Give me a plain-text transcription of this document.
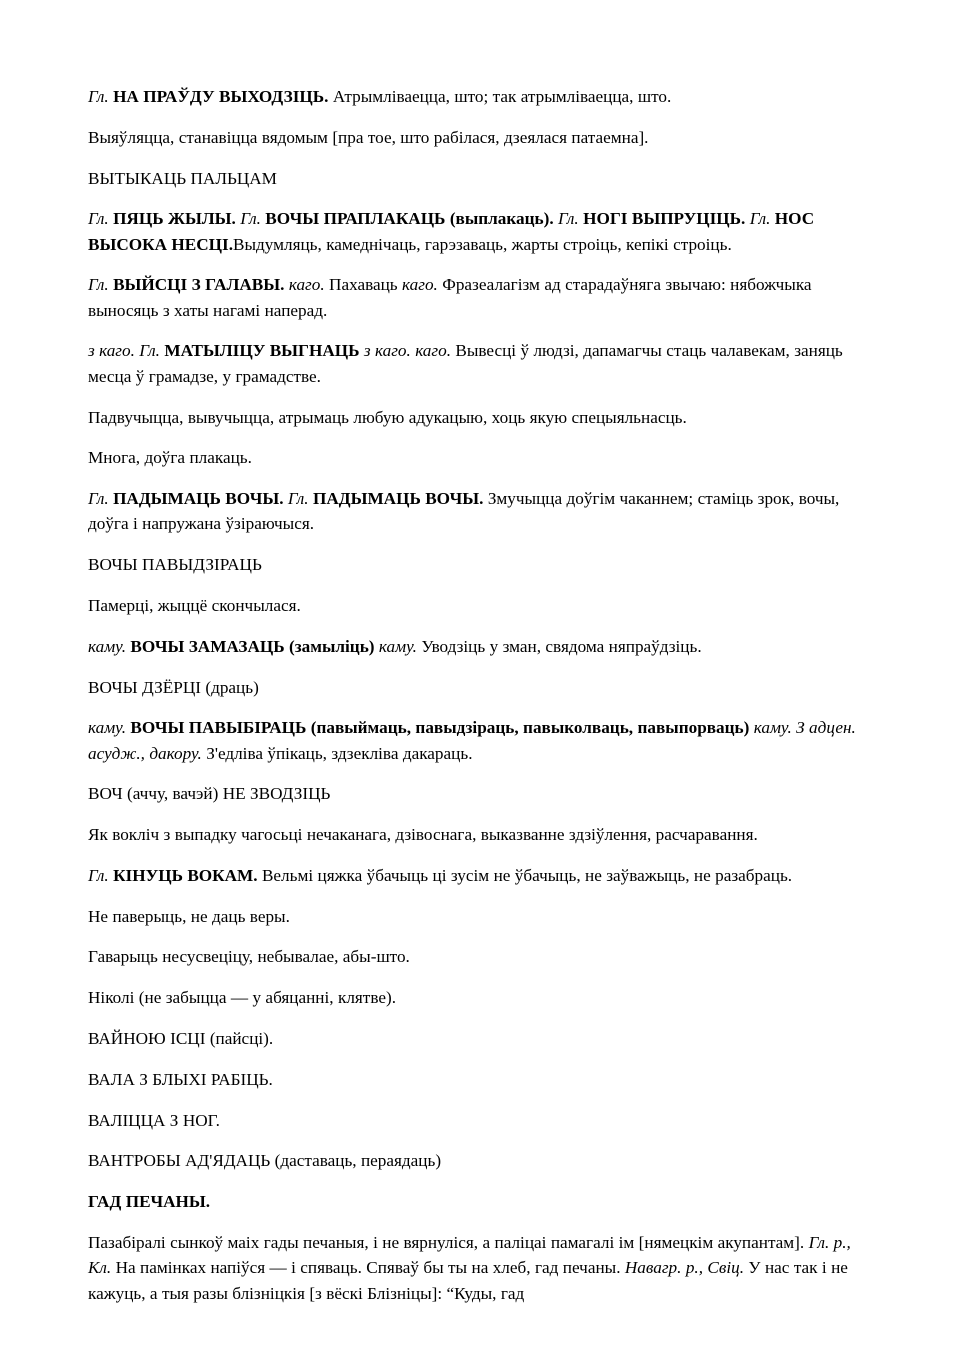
Гл. НА ПРАЎДУ ВЫХОДЗІЦЬ. Атрымліваецца, што; так атрымліваецца, што.

Выяўляцца, станавіцца вядомым [пра тое, што рабілася, дзеялася патаемна].

ВЫТЫКАЦЬ ПАЛЬЦАМ

Гл. ПЯЦЬ ЖЫЛЫ. Гл. ВОЧЫ ПРАПЛАКАЦЬ (выплакаць). Гл. НОГІ ВЫПРУЦІЦЬ. Гл. НОС ВЫСОКА НЕСЦІ.Выдумляць, камеднічаць, гарэзаваць, жарты строіць, кепікі строіць.

Гл. ВЫЙСЦІ З ГАЛАВЫ. каго. Пахаваць каго. Фразеалагізм ад старадаўняга звычаю: нябожчыка выносяць з хаты нагамі наперад.

з каго. Гл. МАТЫЛІЦУ ВЫГНАЦЬ з каго. каго. Вывесці ў людзі, дапамагчы стаць чалавекам, заняць месца ў грамадзе, у грамадстве.

Падвучыцца, вывучыцца, атрымаць любую адукацыю, хоць якую спецыяльнасць.

Многа, доўга плакаць.

Гл. ПАДЫМАЦЬ ВОЧЫ. Гл. ПАДЫМАЦЬ ВОЧЫ. Змучыцца доўгім чаканнем; стаміць зрок, вочы, доўга і напружана ўзіраючыся.

ВОЧЫ ПАВЫДЗІРАЦЬ

Памерці, жыццё скончылася.

каму. ВОЧЫ ЗАМАЗАЦЬ (замыліць) каму. Уводзіць у зман, свядома няпраўдзіць.

ВОЧЫ ДЗЁРЦІ (драць)

каму. ВОЧЫ ПАВЫБІРАЦЬ (павыймаць, павыдзіраць, павыколваць, павыпорваць) каму. З адцен. асудж., дакору. З'едліва ўпікаць, здзекліва дакараць.

ВОЧ (аччу, вачэй) НЕ ЗВОДЗІЦЬ

Як вокліч з выпадку чагосьці нечаканага, дзівоснага, выказванне здзіўлення, расчаравання.

Гл. КІНУЦЬ ВОКАМ. Вельмі цяжка ўбачыць ці зусім не ўбачыць, не заўважыць, не разабраць.

Не паверыць, не даць веры.

Гаварыць несусвеціцу, небывалае, абы-што.

Ніколі (не забыцца — у абяцанні, клятве).

ВАЙНОЮ ІСЦІ (пайсці).

ВАЛА З БЛЫХІ РАБІЦЬ.

ВАЛІЦЦА З НОГ.

ВАНТРОБЫ АД'ЯДАЦЬ (даставаць, пераядаць)

ГАД ПЕЧАНЫ.

Пазабіралі сынкоў маіх гады печаныя, і не вярнуліся, а паліцаі памагалі ім [нямецкім акупантам]. Гл. р., Кл. На памінках напіўся — і спяваць. Спяваў бы ты на хлеб, гад печаны. Навагр. р., Свіц. У нас так і не кажуць, а тыя разы блізніцкія [з вёскі Блізніцы]: “Куды, гад
